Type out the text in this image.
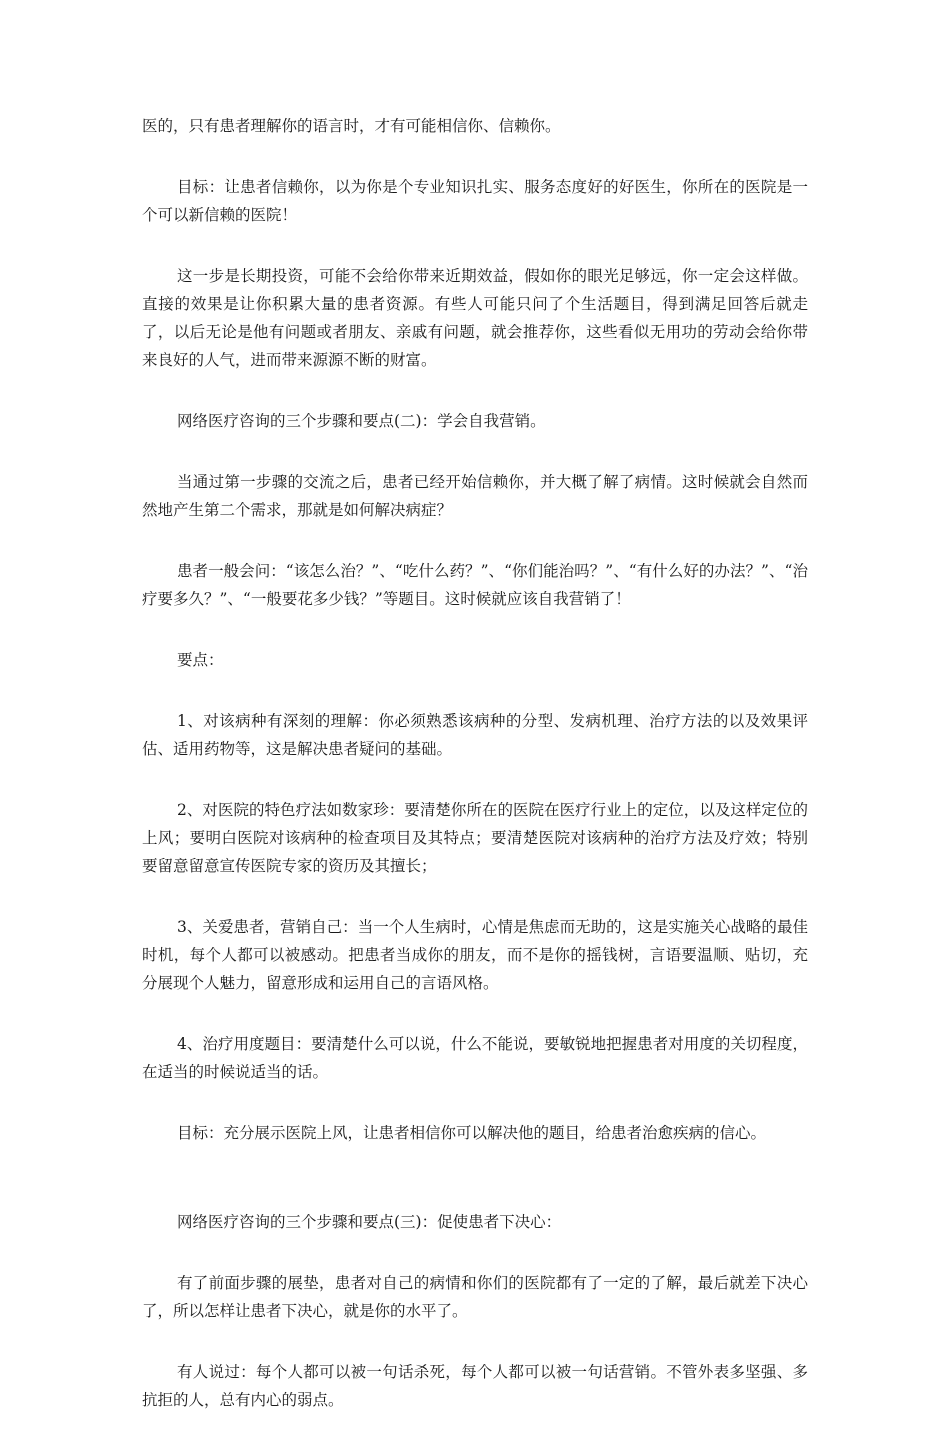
医的，只有患者理解你的语言时，才有可能相信你、信赖你。

目标：让患者信赖你，以为你是个专业知识扎实、服务态度好的好医生，你所在的医院是一个可以新信赖的医院！

这一步是长期投资，可能不会给你带来近期效益，假如你的眼光足够远，你一定会这样做。直接的效果是让你积累大量的患者资源。有些人可能只问了个生活题目，得到满足回答后就走了，以后无论是他有问题或者朋友、亲戚有问题，就会推荐你，这些看似无用功的劳动会给你带来良好的人气，进而带来源源不断的财富。

网络医疗咨询的三个步骤和要点(二)：学会自我营销。

当通过第一步骤的交流之后，患者已经开始信赖你，并大概了解了病情。这时候就会自然而然地产生第二个需求，那就是如何解决病症？

患者一般会问：“该怎么治？”、“吃什么药？”、“你们能治吗？”、“有什么好的办法？”、“治疗要多久？”、“一般要花多少钱？”等题目。这时候就应该自我营销了！

要点：

1、对该病种有深刻的理解：你必须熟悉该病种的分型、发病机理、治疗方法的以及效果评估、适用药物等，这是解决患者疑问的基础。

2、对医院的特色疗法如数家珍：要清楚你所在的医院在医疗行业上的定位，以及这样定位的上风；要明白医院对该病种的检查项目及其特点；要清楚医院对该病种的治疗方法及疗效；特别要留意留意宣传医院专家的资历及其擅长；

3、关爱患者，营销自己：当一个人生病时，心情是焦虑而无助的，这是实施关心战略的最佳时机，每个人都可以被感动。把患者当成你的朋友，而不是你的摇钱树，言语要温顺、贴切，充分展现个人魅力，留意形成和运用自己的言语风格。

4、治疗用度题目：要清楚什么可以说，什么不能说，要敏锐地把握患者对用度的关切程度，在适当的时候说适当的话。

目标：充分展示医院上风，让患者相信你可以解决他的题目，给患者治愈疾病的信心。

网络医疗咨询的三个步骤和要点(三)：促使患者下决心：

有了前面步骤的展垫，患者对自己的病情和你们的医院都有了一定的了解，最后就差下决心了，所以怎样让患者下决心，就是你的水平了。

有人说过：每个人都可以被一句话杀死，每个人都可以被一句话营销。不管外表多坚强、多抗拒的人，总有内心的弱点。
